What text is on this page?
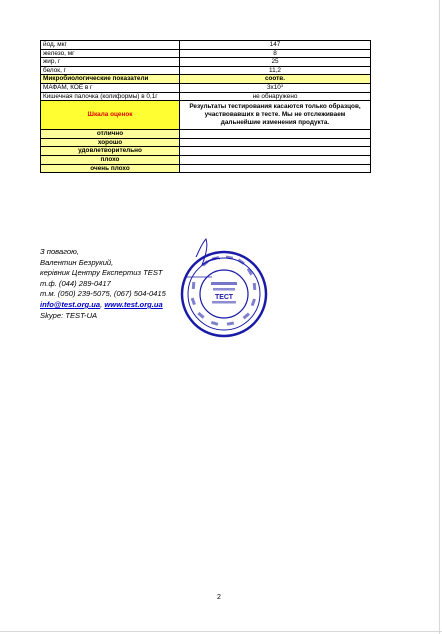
йод, мкг	147
железо, мг	8
жир, г	25
белок, г	11,2
Микробиологические показатели	соотв.
МАФАМ, КОЕ в г	$3x10^3$
Кишечная палочка (колиформы) в 0,1г	не обнаружено
Шкала оценок	Результаты тестирования касаются только образцов, участвовавших в тесте. Мы не отслеживаем дальнейшие изменения продукта.
отлично	
хорошо	
удовлетворительно	
плохо	
очень плохо	
З повагою,
Валентин Безрукий,
керівник Центру Експертиз TEST
т.ф. (044) 289-0417
т.м. (050) 239-5075, (067) 504-0415
info@test.org.ua, www.test.org.ua
Skype: TEST-UA
ТЕСТ
2
